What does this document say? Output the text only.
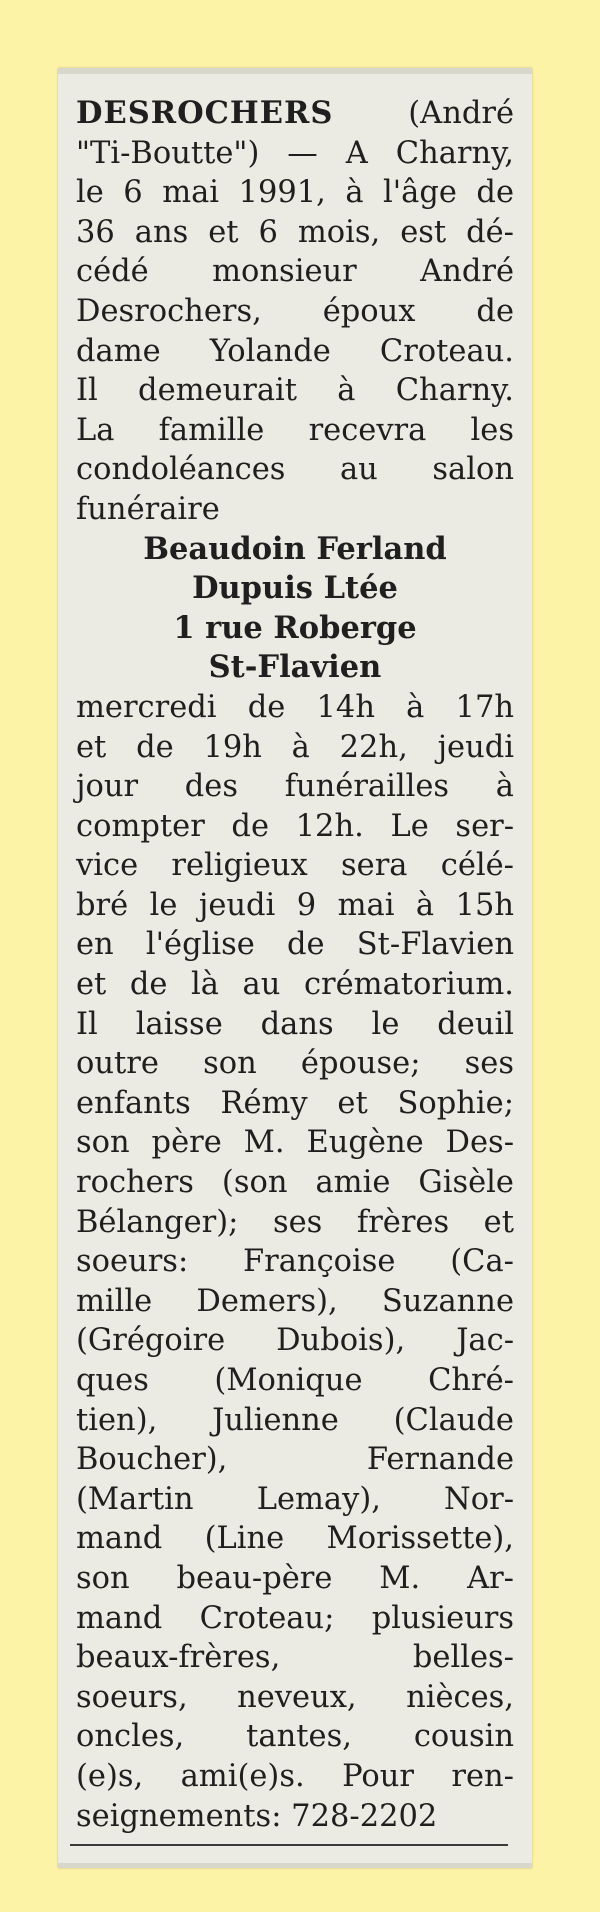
DESROCHERS (André
"Ti-Boutte") — A Charny,
le 6 mai 1991, à l'âge de
36 ans et 6 mois, est dé-
cédé monsieur André
Desrochers, époux de
dame Yolande Croteau.
Il demeurait à Charny.
La famille recevra les
condoléances au salon
funéraire
Beaudoin Ferland
Dupuis Ltée
1 rue Roberge
St-Flavien
mercredi de 14h à 17h
et de 19h à 22h, jeudi
jour des funérailles à
compter de 12h. Le ser-
vice religieux sera célé-
bré le jeudi 9 mai à 15h
en l'église de St-Flavien
et de là au crématorium.
Il laisse dans le deuil
outre son épouse; ses
enfants Rémy et Sophie;
son père M. Eugène Des-
rochers (son amie Gisèle
Bélanger); ses frères et
soeurs: Françoise (Ca-
mille Demers), Suzanne
(Grégoire Dubois), Jac-
ques (Monique Chré-
tien), Julienne (Claude
Boucher), Fernande
(Martin Lemay), Nor-
mand (Line Morissette),
son beau-père M. Ar-
mand Croteau; plusieurs
beaux-frères, belles-
soeurs, neveux, nièces,
oncles, tantes, cousin
(e)s, ami(e)s. Pour ren-
seignements: 728-2202
